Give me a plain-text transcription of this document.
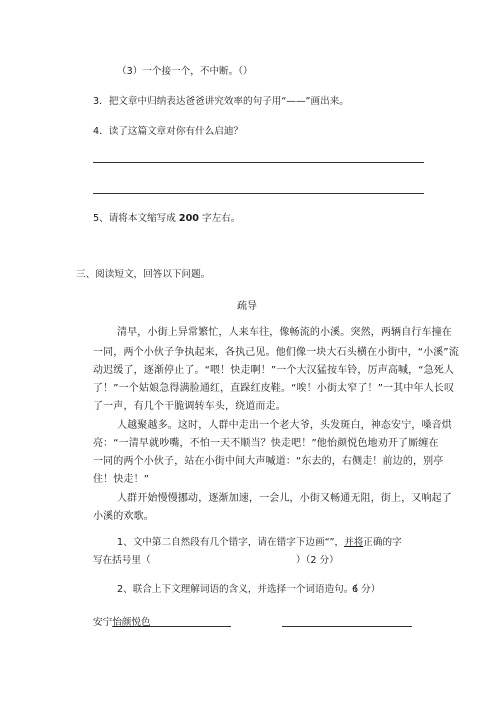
（3）一个接一个，不中断。（）
3．把文章中归纳表达爸爸讲究效率的句子用“——”画出来。
4．读了这篇文章对你有什么启迪？
5、请将本文缩写成 200 字左右。
三、阅读短文，回答以下问题。
疏导
清早，小街上异常繁忙，人来车往，像畅流的小溪。突然，两辆自行车撞在
一同，两个小伙子争执起来，各执己见。他们像一块大石头横在小街中，“小溪”流
动迟缓了，逐渐停止了。“喂！快走啊！”一个大汉猛按车铃，厉声高喊，“急死人
了！”一个姑娘急得满脸通红，直跺红皮鞋。“唉！小街太窄了！”一其中年人长叹
了一声，有几个干脆调转车头，绕道而走。
人越聚越多。这时，人群中走出一个老大爷，头发斑白，神态安宁，嗓音烘
亮：“一清早就吵嘴，不怕一天不顺当？快走吧！”他怡颜悦色地劝开了厮缠在
一同的两个小伙子，站在小街中间大声喊道：“东去的，右侧走！前边的，别亭
住！快走！”
人群开始慢慢挪动，逐渐加速，一会儿，小街又畅通无阻，街上，又响起了
小溪的欢歌。
1、文中第二自然段有几个错字，请在错字下边画“”，并将正确的字
写在括号里（	）（2 分）
2、联合上下文理解词语的含义，并选择一个词语造句。（
6 分）
安宁怡颜悦色
